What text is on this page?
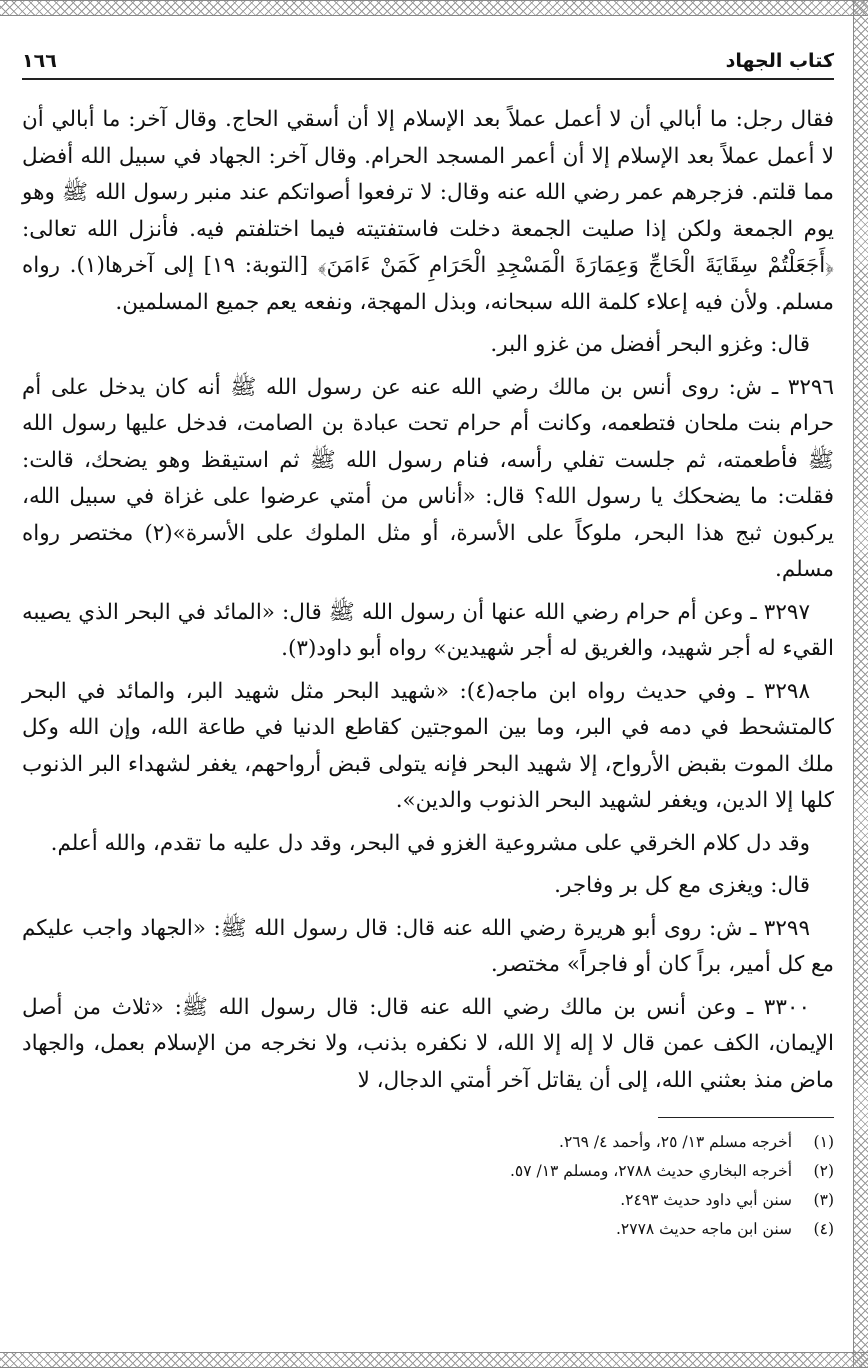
كتاب الجهاد
١٦٦

فقال رجل: ما أبالي أن لا أعمل عملاً بعد الإسلام إلا أن أسقي الحاج. وقال آخر: ما أبالي أن لا أعمل عملاً بعد الإسلام إلا أن أعمر المسجد الحرام. وقال آخر: الجهاد في سبيل الله أفضل مما قلتم. فزجرهم عمر رضي الله عنه وقال: لا ترفعوا أصواتكم عند منبر رسول الله ﷺ وهو يوم الجمعة ولكن إذا صليت الجمعة دخلت فاستفتيته فيما اختلفتم فيه. فأنزل الله تعالى: ﴿أَجَعَلْتُمْ سِقَايَةَ الْحَاجِّ وَعِمَارَةَ الْمَسْجِدِ الْحَرَامِ كَمَنْ ءَامَنَ﴾ [التوبة: ١٩] إلى آخرها(١). رواه مسلم. ولأن فيه إعلاء كلمة الله سبحانه، وبذل المهجة، ونفعه يعم جميع المسلمين.

قال: وغزو البحر أفضل من غزو البر.

٣٢٩٦ ـ ش: روى أنس بن مالك رضي الله عنه عن رسول الله ﷺ أنه كان يدخل على أم حرام بنت ملحان فتطعمه، وكانت أم حرام تحت عبادة بن الصامت، فدخل عليها رسول الله ﷺ فأطعمته، ثم جلست تفلي رأسه، فنام رسول الله ﷺ ثم استيقظ وهو يضحك، قالت: فقلت: ما يضحكك يا رسول الله؟ قال: «أناس من أمتي عرضوا على غزاة في سبيل الله، يركبون ثبج هذا البحر، ملوكاً على الأسرة، أو مثل الملوك على الأسرة»(٢) مختصر رواه مسلم.

٣٢٩٧ ـ وعن أم حرام رضي الله عنها أن رسول الله ﷺ قال: «المائد في البحر الذي يصيبه القيء له أجر شهيد، والغريق له أجر شهيدين» رواه أبو داود(٣).

٣٢٩٨ ـ وفي حديث رواه ابن ماجه(٤): «شهيد البحر مثل شهيد البر، والمائد في البحر كالمتشحط في دمه في البر، وما بين الموجتين كقاطع الدنيا في طاعة الله، وإن الله وكل ملك الموت بقبض الأرواح، إلا شهيد البحر فإنه يتولى قبض أرواحهم، يغفر لشهداء البر الذنوب كلها إلا الدين، ويغفر لشهيد البحر الذنوب والدين».

وقد دل كلام الخرقي على مشروعية الغزو في البحر، وقد دل عليه ما تقدم، والله أعلم.

قال: ويغزى مع كل بر وفاجر.

٣٢٩٩ ـ ش: روى أبو هريرة رضي الله عنه قال: قال رسول الله ﷺ: «الجهاد واجب عليكم مع كل أمير، براً كان أو فاجراً» مختصر.

٣٣٠٠ ـ وعن أنس بن مالك رضي الله عنه قال: قال رسول الله ﷺ: «ثلاث من أصل الإيمان، الكف عمن قال لا إله إلا الله، لا نكفره بذنب، ولا نخرجه من الإسلام بعمل، والجهاد ماض منذ بعثني الله، إلى أن يقاتل آخر أمتي الدجال، لا

(١)
أخرجه مسلم ١٣/ ٢٥، وأحمد ٤/ ٢٦٩.
(٢)
أخرجه البخاري حديث ٢٧٨٨، ومسلم ١٣/ ٥٧.
(٣)
سنن أبي داود حديث ٢٤٩٣.
(٤)
سنن ابن ماجه حديث ٢٧٧٨.
